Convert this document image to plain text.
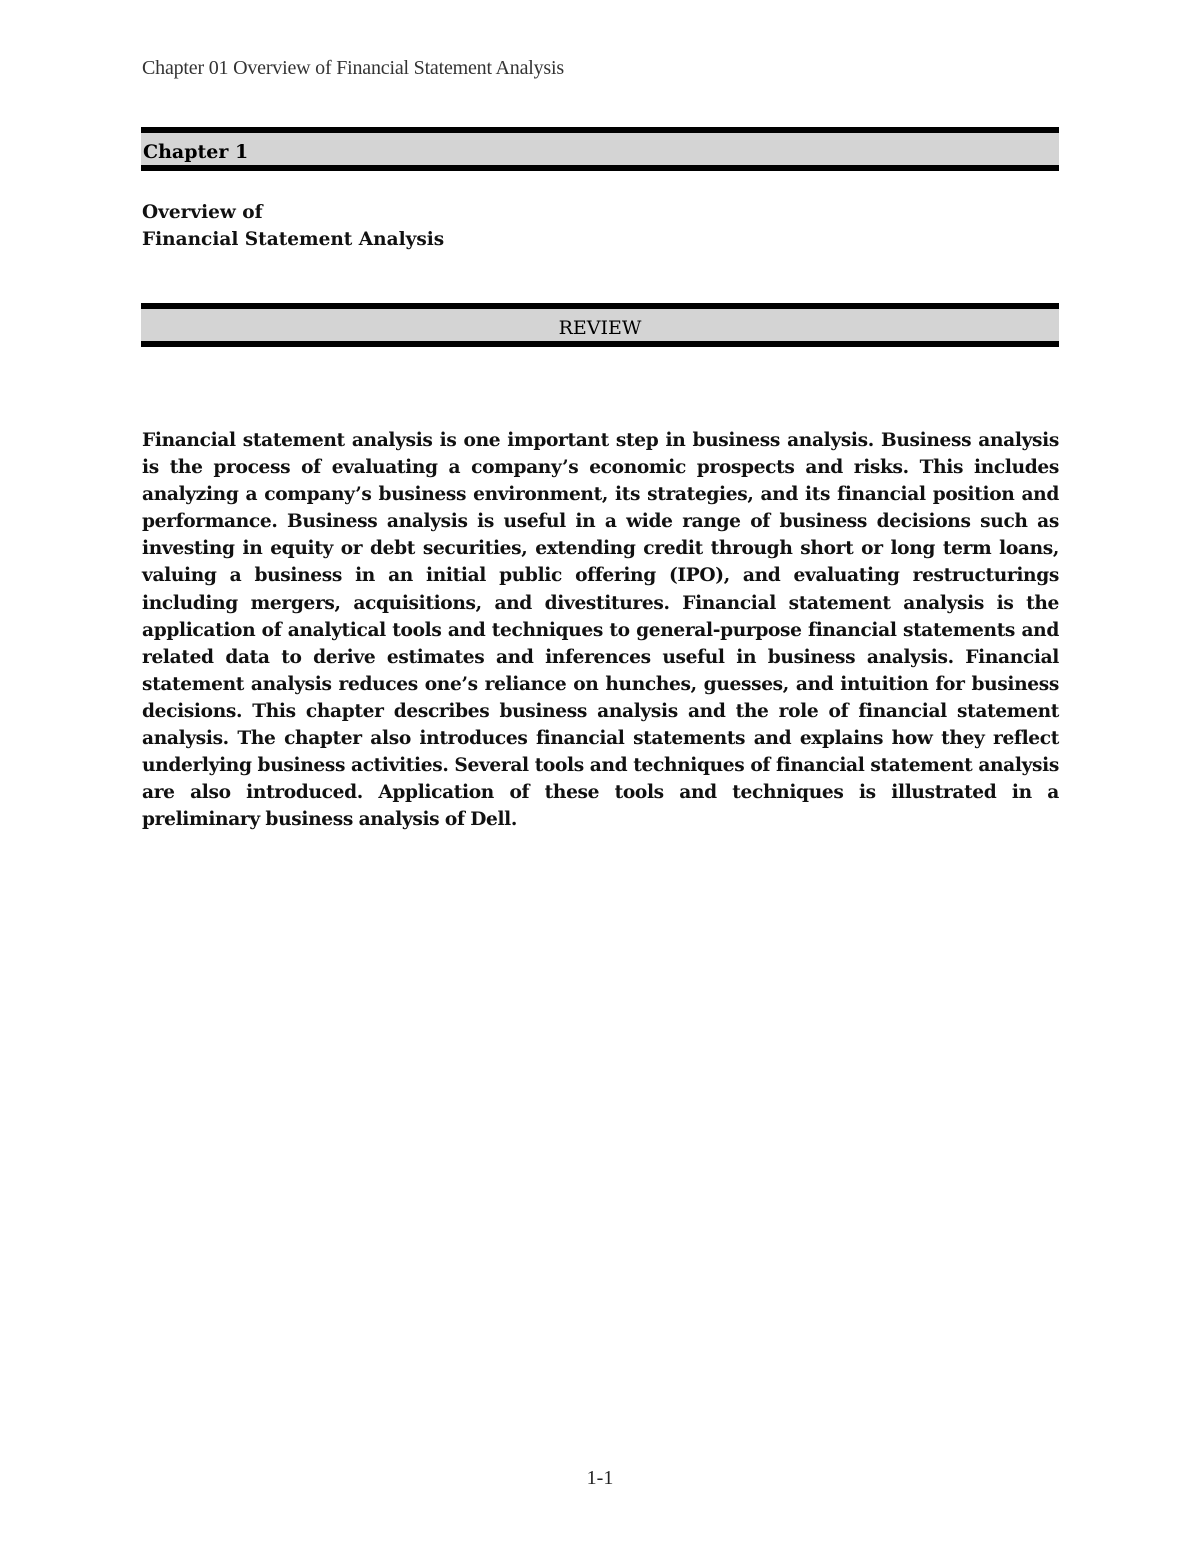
Chapter 01 Overview of Financial Statement Analysis
Chapter 1
Overview of
Financial Statement Analysis
REVIEW
Financial statement analysis is one important step in business analysis. Business analysis is the process of evaluating a company’s economic prospects and risks. This includes analyzing a company’s business environment, its strategies, and its financial position and performance. Business analysis is useful in a wide range of business decisions such as investing in equity or debt securities, extending credit through short or long term loans, valuing a business in an initial public offering (IPO), and evaluating restructurings including mergers, acquisitions, and divestitures. Financial statement analysis is the application of analytical tools and techniques to general-purpose financial statements and related data to derive estimates and inferences useful in business analysis. Financial statement analysis reduces one’s reliance on hunches, guesses, and intuition for business decisions. This chapter describes business analysis and the role of financial statement analysis. The chapter also introduces financial statements and explains how they reflect underlying business activities. Several tools and techniques of financial statement analysis are also introduced. Application of these tools and techniques is illustrated in a preliminary business analysis of Dell.
1-1
